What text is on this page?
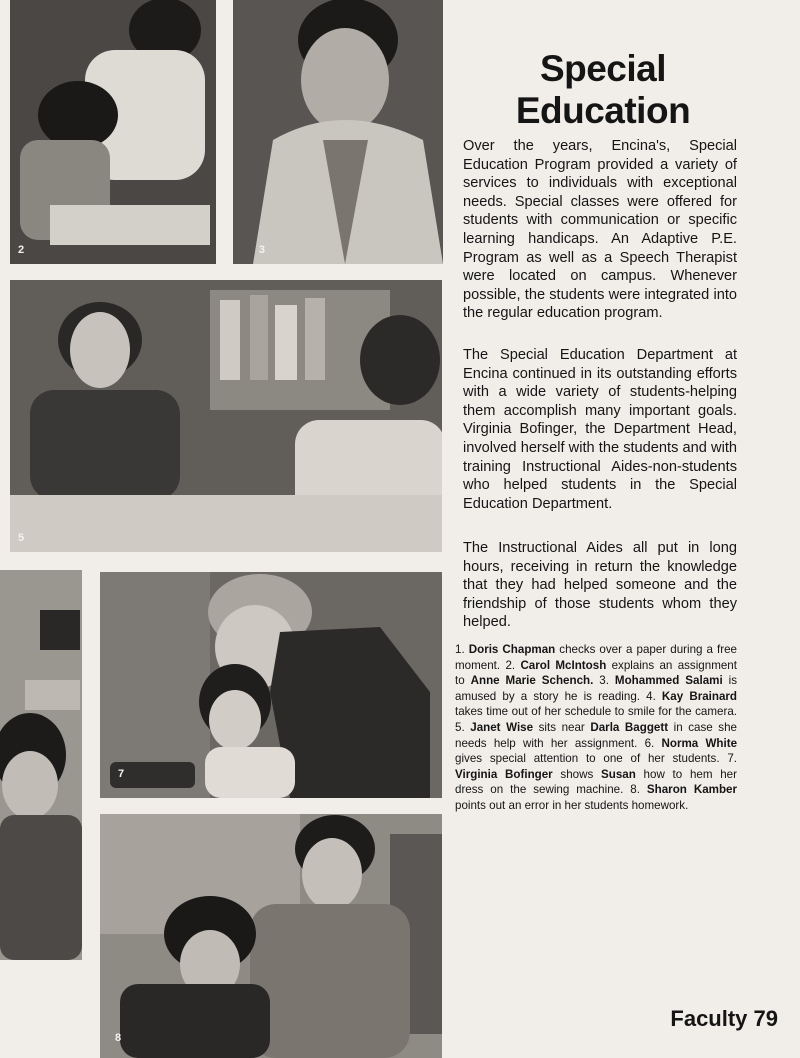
2	3
5
7
8
Special
Education

Over the years, Encina's, Special Education Program provided a variety of services to individuals with exceptional needs. Special classes were offered for students with communication or specific learning handicaps. An Adaptive P.E. Program as well as a Speech Therapist were located on campus. Whenever possible, the students were integrated into the regular education program.

The Special Education Department at Encina continued in its outstanding efforts with a wide variety of students-helping them accomplish many important goals. Virginia Bofinger, the Department Head, involved herself with the students and with training Instructional Aides-non-students who helped students in the Special Education Department.

The Instructional Aides all put in long hours, receiving in return the knowledge that they had helped someone and the friendship of those students whom they helped.

1. Doris Chapman checks over a paper during a free moment. 2. Carol McIntosh explains an assignment to Anne Marie Schench. 3. Mohammed Salami is amused by a story he is reading. 4. Kay Brainard takes time out of her schedule to smile for the camera. 5. Janet Wise sits near Darla Baggett in case she needs help with her assignment. 6. Norma White gives special attention to one of her students. 7. Virginia Bofinger shows Susan how to hem her dress on the sewing machine. 8. Sharon Kamber points out an error in her students homework.

Faculty 79
